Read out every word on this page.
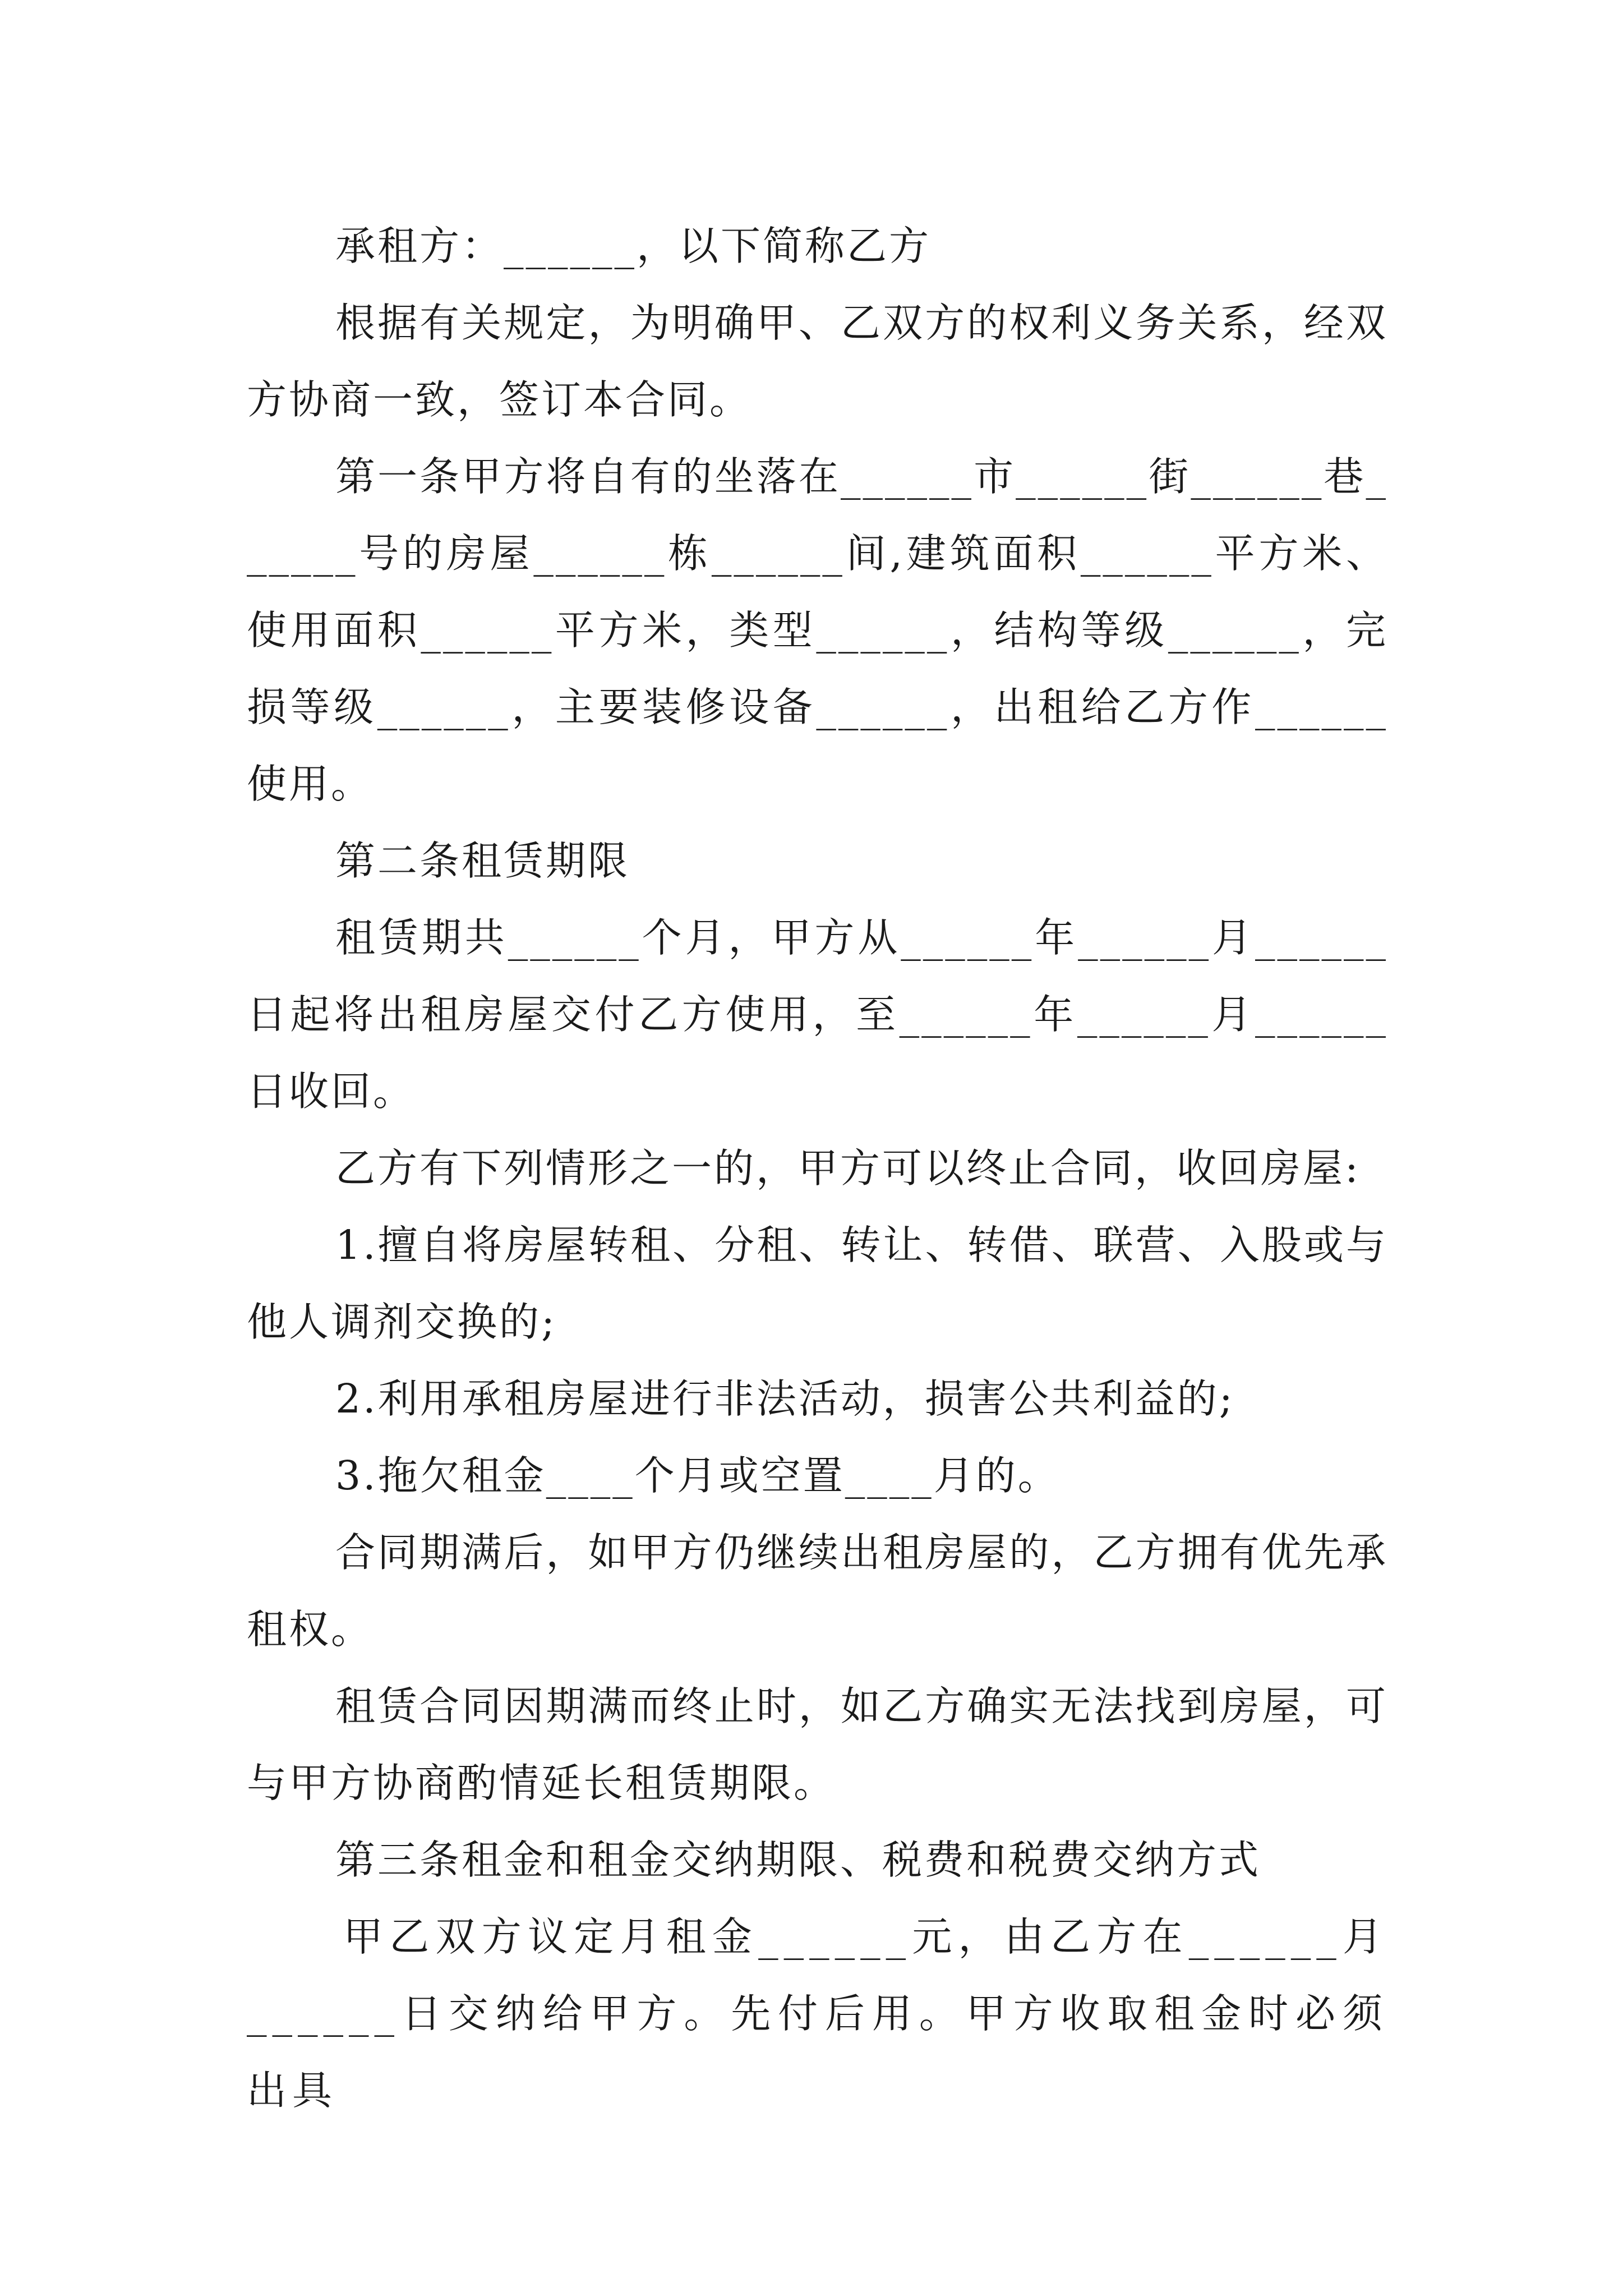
承租方：______，以下简称乙方

根据有关规定，为明确甲、乙双方的权利义务关系，经双方协商一致，签订本合同。

第一条甲方将自有的坐落在______市______街______巷______号的房屋______栋______间,建筑面积______平方米、使用面积______平方米，类型______，结构等级______，完损等级______，主要装修设备______，出租给乙方作______使用。

第二条租赁期限

租赁期共______个月，甲方从______年______月______日起将出租房屋交付乙方使用，至______年______月______日收回。

乙方有下列情形之一的，甲方可以终止合同，收回房屋:

1.擅自将房屋转租、分租、转让、转借、联营、入股或与他人调剂交换的;

2.利用承租房屋进行非法活动，损害公共利益的;

3.拖欠租金____个月或空置____月的。

合同期满后，如甲方仍继续出租房屋的，乙方拥有优先承租权。

租赁合同因期满而终止时，如乙方确实无法找到房屋，可与甲方协商酌情延长租赁期限。

第三条租金和租金交纳期限、税费和税费交纳方式

甲乙双方议定月租金______元，由乙方在______月______日交纳给甲方。先付后用。甲方收取租金时必须出具
